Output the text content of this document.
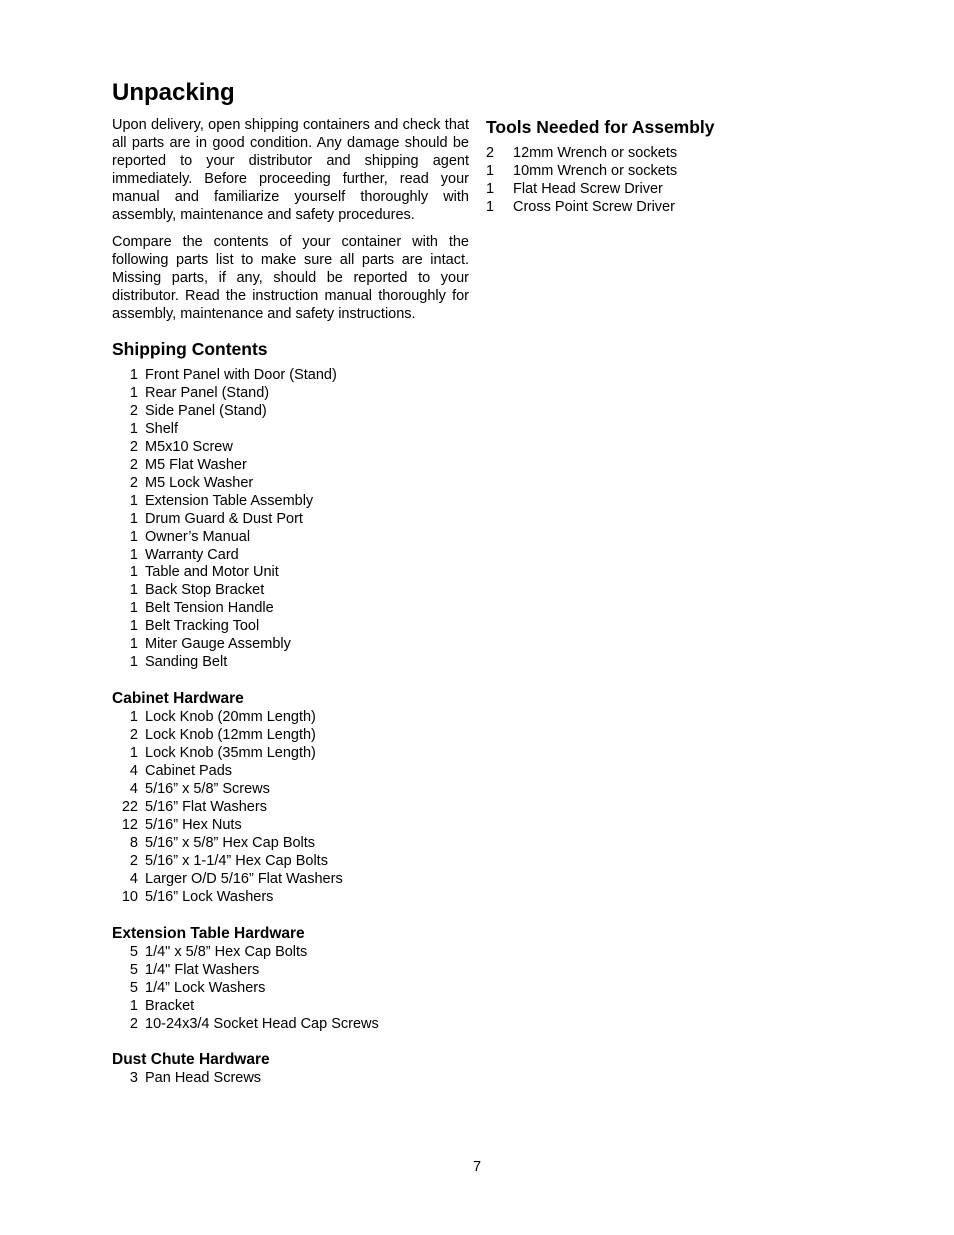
Unpacking

Upon delivery, open shipping containers and check that all parts are in good condition. Any damage should be reported to your distributor and shipping agent immediately. Before proceeding further, read your manual and familiarize yourself thoroughly with assembly, maintenance and safety procedures.

Compare the contents of your container with the following parts list to make sure all parts are intact. Missing parts, if any, should be reported to your distributor. Read the instruction manual thoroughly for assembly, maintenance and safety instructions.

Shipping Contents
1 Front Panel with Door (Stand)
1 Rear Panel (Stand)
2 Side Panel (Stand)
1 Shelf
2 M5x10 Screw
2 M5 Flat Washer
2 M5 Lock Washer
1 Extension Table Assembly
1 Drum Guard & Dust Port
1 Owner’s Manual
1 Warranty Card
1 Table and Motor Unit
1 Back Stop Bracket
1 Belt Tension Handle
1 Belt Tracking Tool
1 Miter Gauge Assembly
1 Sanding Belt
Cabinet Hardware
1 Lock Knob (20mm Length)
2 Lock Knob (12mm Length)
1 Lock Knob (35mm Length)
4 Cabinet Pads
4 5/16” x 5/8” Screws
22 5/16” Flat Washers
12 5/16” Hex Nuts
8 5/16” x 5/8” Hex Cap Bolts
2 5/16” x 1-1/4” Hex Cap Bolts
4 Larger O/D 5/16” Flat Washers
10 5/16” Lock Washers
Extension Table Hardware
5 1/4" x 5/8” Hex Cap Bolts
5 1/4" Flat Washers
5 1/4” Lock Washers
1 Bracket
2 10-24x3/4 Socket Head Cap Screws
Dust Chute Hardware
3 Pan Head Screws
Tools Needed for Assembly
2	12mm Wrench or sockets
1	10mm Wrench or sockets
1	Flat Head Screw Driver
1	Cross Point Screw Driver
7
